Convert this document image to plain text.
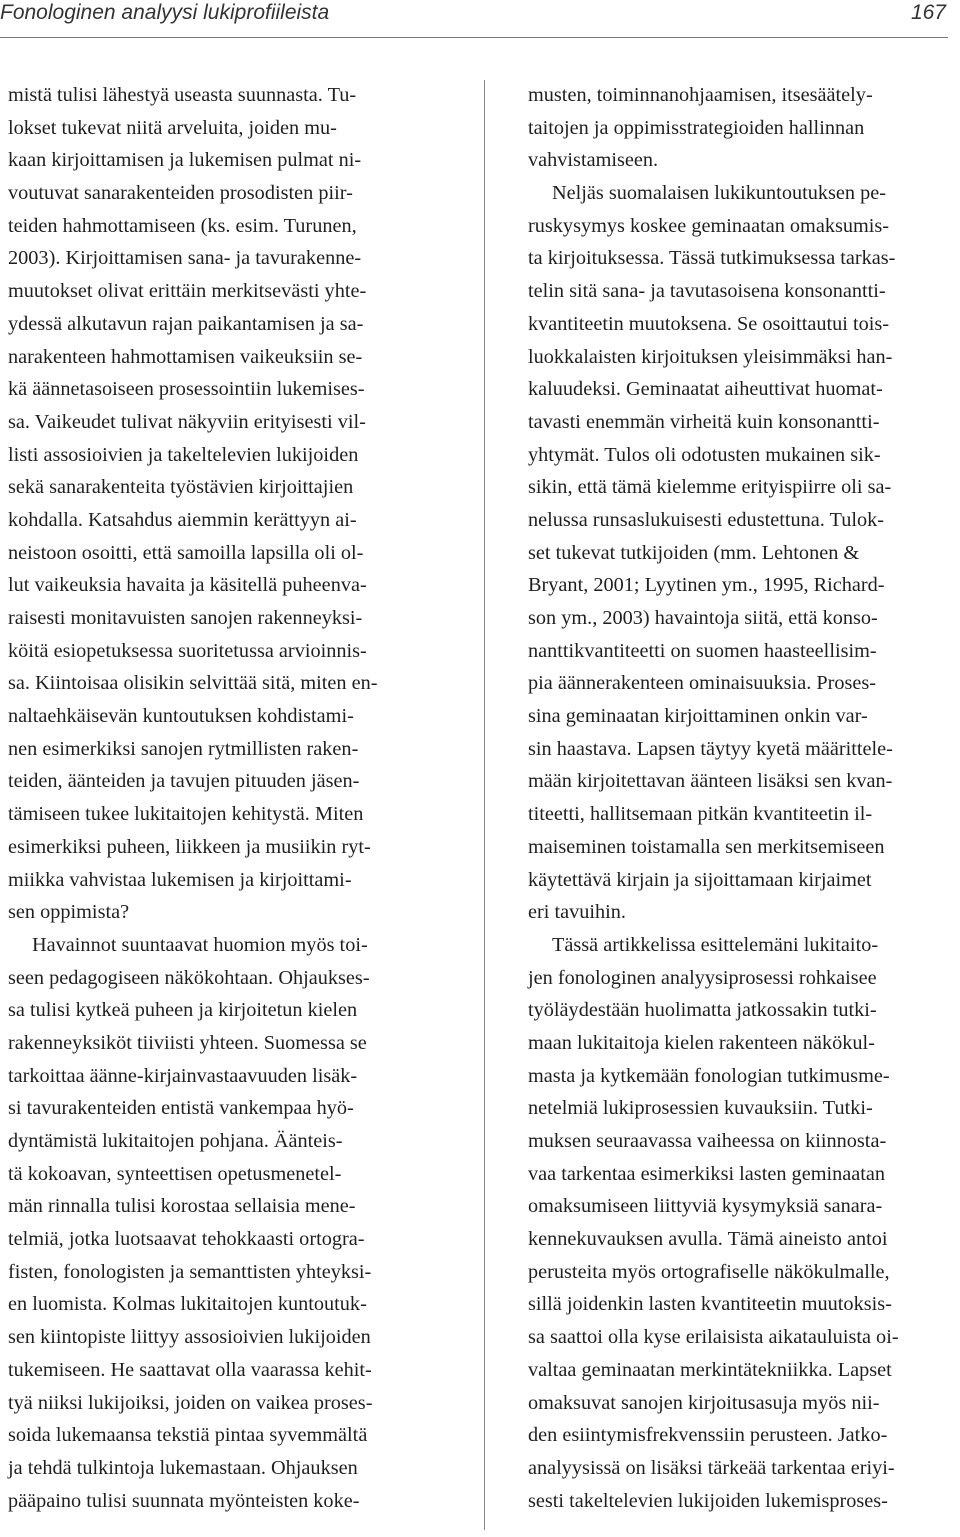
Fonologinen analyysi lukiprofiileista	167
mistä tulisi lähestyä useasta suunnasta. Tu-
lokset tukevat niitä arveluita, joiden mu-
kaan kirjoittamisen ja lukemisen pulmat ni-
voutuvat sanarakenteiden prosodisten piir-
teiden hahmottamiseen (ks. esim. Turunen,
2003). Kirjoittamisen sana- ja tavurakenne-
muutokset olivat erittäin merkitsevästi yhte-
ydessä alkutavun rajan paikantamisen ja sa-
narakenteen hahmottamisen vaikeuksiin se-
kä äännetasoiseen prosessointiin lukemises-
sa. Vaikeudet tulivat näkyviin erityisesti vil-
listi assosioivien ja takeltelevien lukijoiden
sekä sanarakenteita työstävien kirjoittajien
kohdalla. Katsahdus aiemmin kerättyyn ai-
neistoon osoitti, että samoilla lapsilla oli ol-
lut vaikeuksia havaita ja käsitellä puheenva-
raisesti monitavuisten sanojen rakenneyksi-
köitä esiopetuksessa suoritetussa arvioinnis-
sa. Kiintoisaa olisikin selvittää sitä, miten en-
naltaehkäisevän kuntoutuksen kohdistami-
nen esimerkiksi sanojen rytmillisten raken-
teiden, äänteiden ja tavujen pituuden jäsen-
tämiseen tukee lukitaitojen kehitystä. Miten
esimerkiksi puheen, liikkeen ja musiikin ryt-
miikka vahvistaa lukemisen ja kirjoittami-
sen oppimista?
Havainnot suuntaavat huomion myös toi-
seen pedagogiseen näkökohtaan. Ohjaukses-
sa tulisi kytkeä puheen ja kirjoitetun kielen
rakenneyksiköt tiiviisti yhteen. Suomessa se
tarkoittaa äänne-kirjainvastaavuuden lisäk-
si tavurakenteiden entistä vankempaa hyö-
dyntämistä lukitaitojen pohjana. Äänteis-
tä kokoavan, synteettisen opetusmenetel-
män rinnalla tulisi korostaa sellaisia mene-
telmiä, jotka luotsaavat tehokkaasti ortogra-
fisten, fonologisten ja semanttisten yhteyksi-
en luomista. Kolmas lukitaitojen kuntoutuk-
sen kiintopiste liittyy assosioivien lukijoiden
tukemiseen. He saattavat olla vaarassa kehit-
tyä niiksi lukijoiksi, joiden on vaikea proses-
soida lukemaansa tekstiä pintaa syvemmältä
ja tehdä tulkintoja lukemastaan. Ohjauksen
pääpaino tulisi suunnata myönteisten koke-
musten, toiminnanohjaamisen, itsesäätely-
taitojen ja oppimisstrategioiden hallinnan
vahvistamiseen.
Neljäs suomalaisen lukikuntoutuksen pe-
ruskysymys koskee geminaatan omaksumis-
ta kirjoituksessa. Tässä tutkimuksessa tarkas-
telin sitä sana- ja tavutasoisena konsonantti-
kvantiteetin muutoksena. Se osoittautui tois-
luokkalaisten kirjoituksen yleisimmäksi han-
kaluudeksi. Geminaatat aiheuttivat huomat-
tavasti enemmän virheitä kuin konsonantti-
yhtymät. Tulos oli odotusten mukainen sik-
sikin, että tämä kielemme erityispiirre oli sa-
nelussa runsaslukuisesti edustettuna. Tulok-
set tukevat tutkijoiden (mm. Lehtonen &
Bryant, 2001; Lyytinen ym., 1995, Richard-
son ym., 2003) havaintoja siitä, että konso-
nanttikvantiteetti on suomen haasteellisim-
pia äännerakenteen ominaisuuksia. Proses-
sina geminaatan kirjoittaminen onkin var-
sin haastava. Lapsen täytyy kyetä määrittele-
mään kirjoitettavan äänteen lisäksi sen kvan-
titeetti, hallitsemaan pitkän kvantiteetin il-
maiseminen toistamalla sen merkitsemiseen
käytettävä kirjain ja sijoittamaan kirjaimet
eri tavuihin.
Tässä artikkelissa esittelemäni lukitaito-
jen fonologinen analyysiprosessi rohkaisee
työläydestään huolimatta jatkossakin tutki-
maan lukitaitoja kielen rakenteen näkökul-
masta ja kytkemään fonologian tutkimusme-
netelmiä lukiprosessien kuvauksiin. Tutki-
muksen seuraavassa vaiheessa on kiinnosta-
vaa tarkentaa esimerkiksi lasten geminaatan
omaksumiseen liittyviä kysymyksiä sanara-
kennekuvauksen avulla. Tämä aineisto antoi
perusteita myös ortografiselle näkökulmalle,
sillä joidenkin lasten kvantiteetin muutoksis-
sa saattoi olla kyse erilaisista aikatauluista oi-
valtaa geminaatan merkintätekniikka. Lapset
omaksuvat sanojen kirjoitusasuja myös nii-
den esiintymisfrekvenssiin perusteen. Jatko-
analyysissä on lisäksi tärkeää tarkentaa eriyi-
sesti takeltelevien lukijoiden lukemisproses-
